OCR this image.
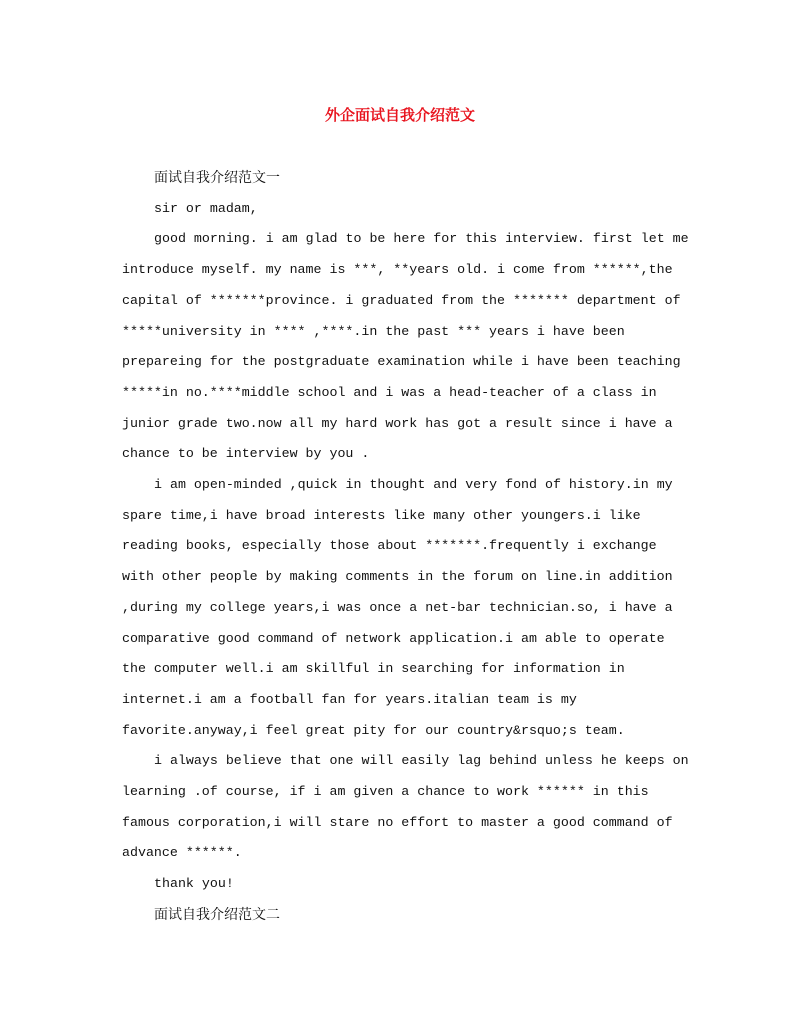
外企面试自我介绍范文
面试自我介绍范文一
sir or madam,
good morning. i am glad to be here for this interview. first let me
introduce myself. my name is ***, **years old. i come from ******,the
capital of *******province. i graduated from the ******* department of
*****university in **** ,****.in the past *** years i have been
prepareing for the postgraduate examination while i have been teaching
*****in no.****middle school and i was a head-teacher of a class in
junior grade two.now all my hard work has got a result since i have a
chance to be interview by you .
i am open-minded ,quick in thought and very fond of history.in my
spare time,i have broad interests like many other youngers.i like
reading books, especially those about *******.frequently i exchange
with other people by making comments in the forum on line.in addition
,during my college years,i was once a net-bar technician.so, i have a
comparative good command of network application.i am able to operate
the computer well.i am skillful in searching for information in
internet.i am a football fan for years.italian team is my
favorite.anyway,i feel great pity for our country&rsquo;s team.
i always believe that one will easily lag behind unless he keeps on
learning .of course, if i am given a chance to work ****** in this
famous corporation,i will stare no effort to master a good command of
advance ******.
thank you!
面试自我介绍范文二
